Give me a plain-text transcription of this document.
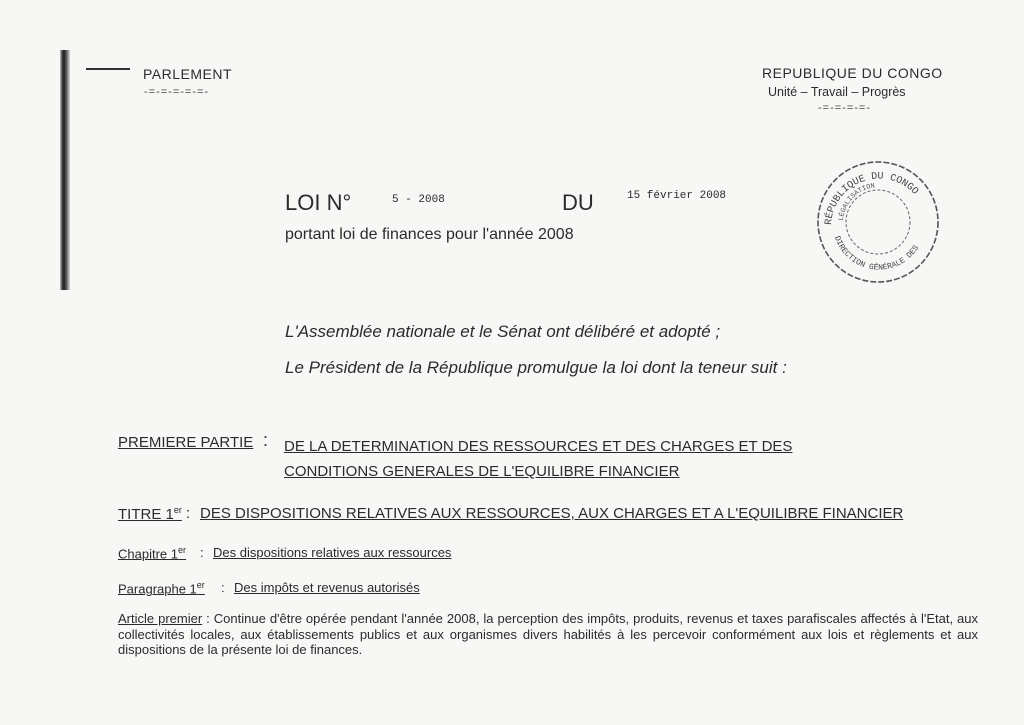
PARLEMENT
-=-=-=-=-=-
REPUBLIQUE DU CONGO
Unité – Travail – Progrès
-=-=-=-=-
RÉPUBLIQUE DU CONGO
LÉGALISATION
DIRECTION GÉNÉRALE DES
LOI N°	5 - 2008	DU	15 février 2008
portant loi de finances pour l'année 2008
L'Assemblée nationale et le Sénat ont délibéré et adopté ;
Le Président de la République promulgue la loi dont la teneur suit :
PREMIERE PARTIE : DE LA DETERMINATION DES RESSOURCES ET DES CHARGES ET DES
CONDITIONS GENERALES DE L'EQUILIBRE FINANCIER
TITRE 1er : DES DISPOSITIONS RELATIVES AUX RESSOURCES, AUX CHARGES ET A L'EQUILIBRE FINANCIER
Chapitre 1er : Des dispositions relatives aux ressources
Paragraphe 1er : Des impôts et revenus autorisés
Article premier : Continue d'être opérée pendant l'année 2008, la perception des impôts, produits, revenus et taxes parafiscales affectés à l'Etat, aux collectivités locales, aux établissements publics et aux organismes divers habilités à les percevoir conformément aux lois et règlements et aux dispositions de la présente loi de finances.
